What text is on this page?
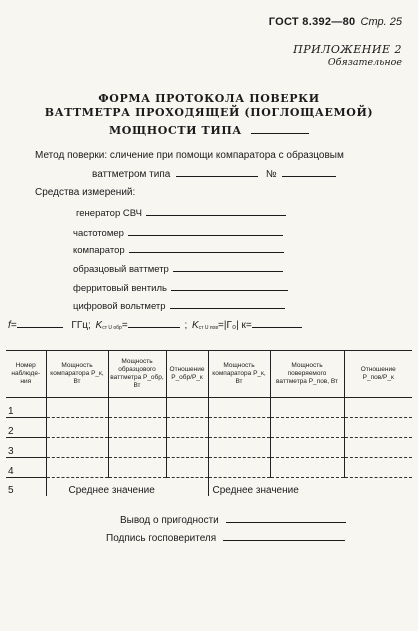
ГОСТ 8.392—80 Стр. 25
ПРИЛОЖЕНИЕ 2
Обязательное
ФОРМА ПРОТОКОЛА ПОВЕРКИ
ВАТТМЕТРА ПРОХОДЯЩЕЙ (ПОГЛОЩАЕМОЙ)
МОЩНОСТИ ТИПА
Метод поверки: сличение при помощи компаратора с образцовым
ваттметром типа	№
Средства измерений:
генератор СВЧ
частотомер
компаратор
образцовый ваттметр
ферритовый вентиль
цифровой вольтметр
f=	ГГц; $K_{ст U обр}=$	; $K_{ст U пов}=|\Gamma_0|$ к=
Номер наблюде-ния	Мощность компаратора P_к, Вт	Мощность образцового ваттметра P_обр, Вт	Отношение P_обр/P_к	Мощность компаратора P_к, Вт	Мощность поверяемого ваттметра P_пов, Вт	Отношение P_пов/P_к
1						
2						
3						
4						
5	Среднее значение			Среднее значение		
Вывод о пригодности
Подпись госповерителя
